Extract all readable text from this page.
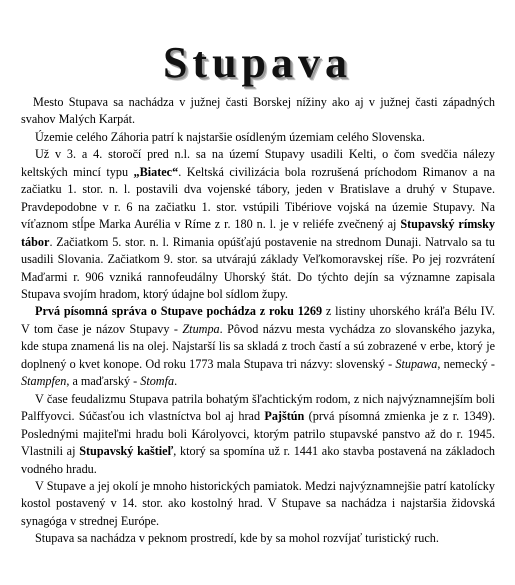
Stupava

Mesto Stupava sa nachádza v južnej časti Borskej nížiny ako aj v južnej časti západných svahov Malých Karpát.

Územie celého Záhoria patrí k najstaršie osídleným územiam celého Slovenska.

Už v 3. a 4. storočí pred n.l. sa na území Stupavy usadili Kelti, o čom svedčia nálezy keltských mincí typu „Biatec“. Keltská civilizácia bola rozrušená príchodom Rimanov a na začiatku 1. stor. n. l. postavili dva vojenské tábory, jeden v Bratislave a druhý v Stupave. Pravdepodobne v r. 6 na začiatku 1. stor. vstúpili Tibériove vojská na územie Stupavy. Na víťaznom stĺpe Marka Aurélia v Ríme z r. 180 n. l. je v reliéfe zvečnený aj Stupavský rímsky tábor. Začiatkom 5. stor. n. l. Rimania opúšťajú postavenie na strednom Dunaji. Natrvalo sa tu usadili Slovania. Začiatkom 9. stor. sa utvárajú základy Veľkomoravskej ríše. Po jej rozvrátení Maďarmi r. 906 vzniká rannofeudálny Uhorský štát. Do týchto dejín sa významne zapisala Stupava svojím hradom, ktorý údajne bol sídlom župy.

Prvá písomná správa o Stupave pochádza z roku 1269 z listiny uhorského kráľa Bélu IV. V tom čase je názov Stupavy - Ztumpa. Pôvod názvu mesta vychádza zo slovanského jazyka, kde stupa znamená lis na olej. Najstarší lis sa skladá z troch častí a sú zobrazené v erbe, ktorý je doplnený o kvet konope. Od roku 1773 mala Stupava tri názvy: slovenský - Stupawa, nemecký - Stampfen, a maďarský - Stomfa.

V čase feudalizmu Stupava patrila bohatým šľachtickým rodom, z nich najvýznamnejším boli Palffyovci. Súčasťou ich vlastníctva bol aj hrad Pajštún (prvá písomná zmienka je z r. 1349). Poslednými majiteľmi hradu boli Károlyovci, ktorým patrilo stupavské panstvo až do r. 1945. Vlastnili aj Stupavský kaštieľ, ktorý sa spomína už r. 1441 ako stavba postavená na základoch vodného hradu.

V Stupave a jej okolí je mnoho historických pamiatok. Medzi najvýznamnejšie patrí katolícky kostol postavený v 14. stor. ako kostolný hrad. V Stupave sa nachádza i najstaršia židovská synagóga v strednej Európe.

Stupava sa nachádza v peknom prostredí, kde by sa mohol rozvíjať turistický ruch.
